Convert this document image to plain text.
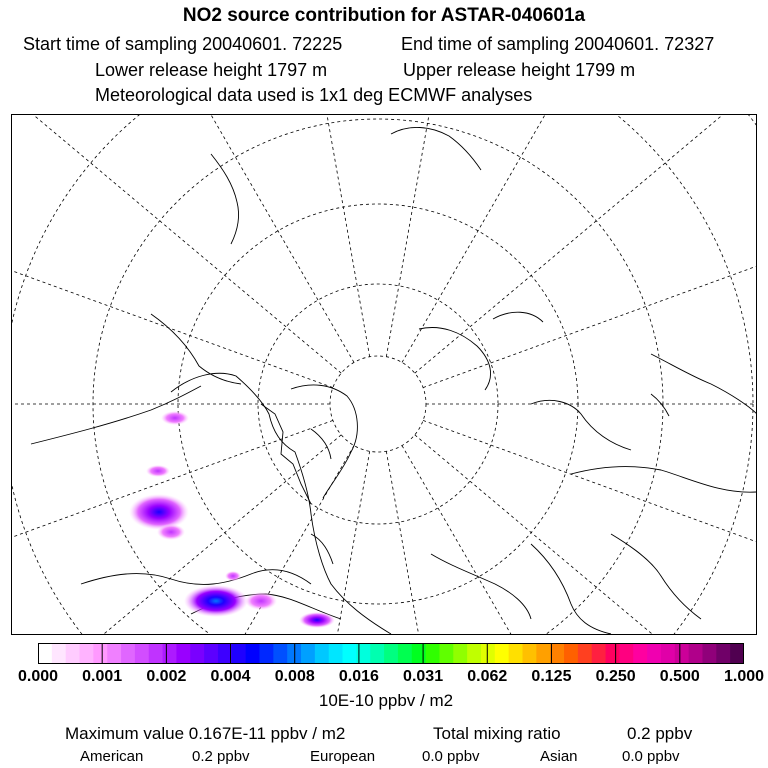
NO2 source contribution for ASTAR-040601a
Start time of sampling 20040601. 72225	End time of sampling 20040601. 72327
Lower release height 1797 m	Upper release height 1799 m
Meteorological data used is 1x1 deg ECMWF analyses
0.000 0.001 0.002 0.004 0.008 0.016 0.031 0.062 0.125 0.250 0.500 1.000
10E-10 ppbv / m2
Maximum value 0.167E-11 ppbv / m2	Total mixing ratio	0.2 ppbv
American	0.2 ppbv	European	0.0 ppbv	Asian	0.0 ppbv
